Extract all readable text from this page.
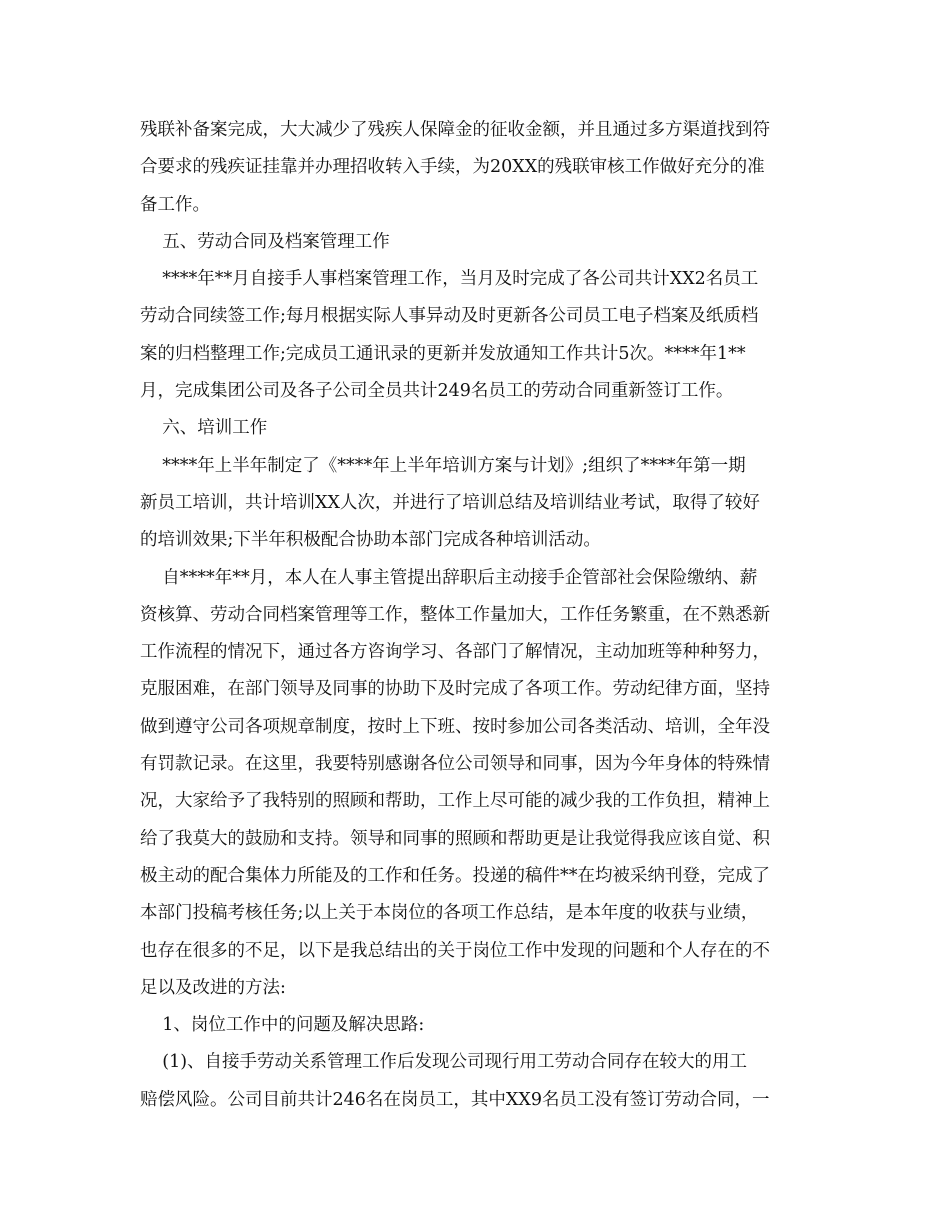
残联补备案完成，大大减少了残疾人保障金的征收金额，并且通过多方渠道找到符
合要求的残疾证挂靠并办理招收转入手续，为20XX的残联审核工作做好充分的准
备工作。
五、劳动合同及档案管理工作
****年**月自接手人事档案管理工作，当月及时完成了各公司共计XX2名员工
劳动合同续签工作;每月根据实际人事异动及时更新各公司员工电子档案及纸质档
案的归档整理工作;完成员工通讯录的更新并发放通知工作共计5次。****年1**
月，完成集团公司及各子公司全员共计249名员工的劳动合同重新签订工作。
六、培训工作
****年上半年制定了《****年上半年培训方案与计划》;组织了****年第一期
新员工培训，共计培训XX人次，并进行了培训总结及培训结业考试，取得了较好
的培训效果;下半年积极配合协助本部门完成各种培训活动。
自****年**月，本人在人事主管提出辞职后主动接手企管部社会保险缴纳、薪
资核算、劳动合同档案管理等工作，整体工作量加大，工作任务繁重，在不熟悉新
工作流程的情况下，通过各方咨询学习、各部门了解情况，主动加班等种种努力，
克服困难，在部门领导及同事的协助下及时完成了各项工作。劳动纪律方面，坚持
做到遵守公司各项规章制度，按时上下班、按时参加公司各类活动、培训，全年没
有罚款记录。在这里，我要特别感谢各位公司领导和同事，因为今年身体的特殊情
况，大家给予了我特别的照顾和帮助，工作上尽可能的减少我的工作负担，精神上
给了我莫大的鼓励和支持。领导和同事的照顾和帮助更是让我觉得我应该自觉、积
极主动的配合集体力所能及的工作和任务。投递的稿件**在均被采纳刊登，完成了
本部门投稿考核任务;以上关于本岗位的各项工作总结，是本年度的收获与业绩，
也存在很多的不足，以下是我总结出的关于岗位工作中发现的问题和个人存在的不
足以及改进的方法:
1、岗位工作中的问题及解决思路:
(1)、自接手劳动关系管理工作后发现公司现行用工劳动合同存在较大的用工
赔偿风险。公司目前共计246名在岗员工，其中XX9名员工没有签订劳动合同，一
